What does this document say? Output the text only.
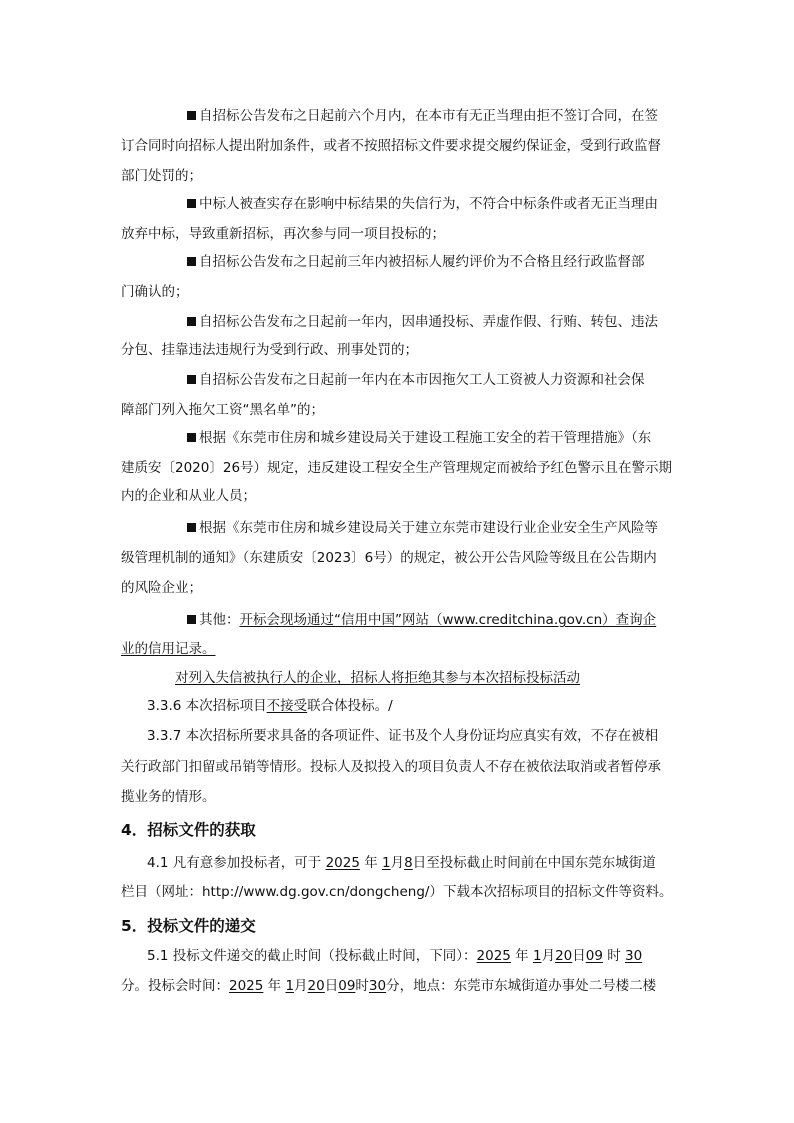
自招标公告发布之日起前六个月内，在本市有无正当理由拒不签订合同，在签
订合同时向招标人提出附加条件，或者不按照招标文件要求提交履约保证金，受到行政监督
部门处罚的；
中标人被查实存在影响中标结果的失信行为，不符合中标条件或者无正当理由
放弃中标，导致重新招标，再次参与同一项目投标的；
自招标公告发布之日起前三年内被招标人履约评价为不合格且经行政监督部
门确认的；
自招标公告发布之日起前一年内，因串通投标、弄虚作假、行贿、转包、违法
分包、挂靠违法违规行为受到行政、刑事处罚的；
自招标公告发布之日起前一年内在本市因拖欠工人工资被人力资源和社会保
障部门列入拖欠工资“黑名单”的；
根据《东莞市住房和城乡建设局关于建设工程施工安全的若干管理措施》（东
建质安〔2020〕26号）规定，违反建设工程安全生产管理规定而被给予红色警示且在警示期
内的企业和从业人员；
根据《东莞市住房和城乡建设局关于建立东莞市建设行业企业安全生产风险等
级管理机制的通知》（东建质安〔2023〕6号）的规定，被公开公告风险等级且在公告期内
的风险企业；
其他：开标会现场通过“信用中国”网站（www.creditchina.gov.cn）查询企
业的信用记录。
对列入失信被执行人的企业，招标人将拒绝其参与本次招标投标活动
3.3.6 本次招标项目不接受联合体投标。/
3.3.7 本次招标所要求具备的各项证件、证书及个人身份证均应真实有效，不存在被相
关行政部门扣留或吊销等情形。投标人及拟投入的项目负责人不存在被依法取消或者暂停承
揽业务的情形。
4．招标文件的获取
4.1 凡有意参加投标者，可于 2025 年 1月8日至投标截止时间前在中国东莞东城街道
栏目（网址：http://www.dg.gov.cn/dongcheng/）下载本次招标项目的招标文件等资料。
5．投标文件的递交
5.1 投标文件递交的截止时间（投标截止时间，下同）：2025 年 1月20日09 时 30
分。投标会时间：2025 年 1月20日09时30分，地点：东莞市东城街道办事处二号楼二楼
